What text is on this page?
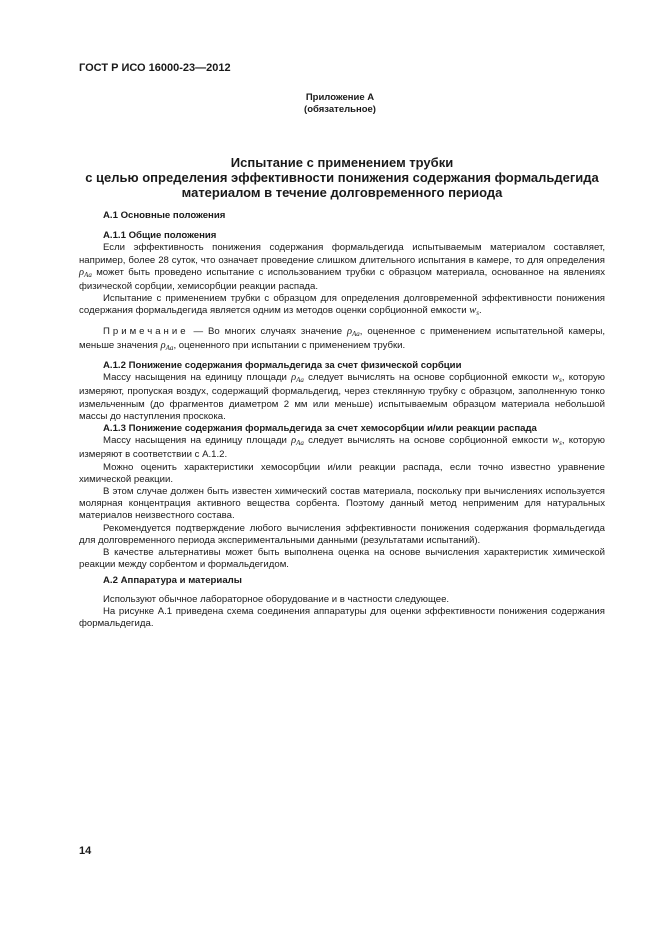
ГОСТ Р ИСО 16000-23—2012
Приложение А
(обязательное)
Испытание с применением трубки
с целью определения эффективности понижения содержания формальдегида
материалом в течение долговременного периода
А.1 Основные положения
А.1.1 Общие положения

Если эффективность понижения содержания формальдегида испытываемым материалом составляет, например, более 28 суток, что означает проведение слишком длительного испытания в камере, то для определения $\rho_{Aa}$ может быть проведено испытание с использованием трубки с образцом материала, основанное на явлениях физической сорбции, хемисорбции реакции распада.

Испытание с применением трубки с образцом для определения долговременной эффективности понижения содержания формальдегида является одним из методов оценки сорбционной емкости $w_s$.

Примечание — Во многих случаях значение $\rho_{Aa}$, оцененное с применением испытательной камеры, меньше значения $\rho_{Aa}$, оцененного при испытании с применением трубки.

А.1.2 Понижение содержания формальдегида за счет физической сорбции

Массу насыщения на единицу площади $\rho_{Aa}$ следует вычислять на основе сорбционной емкости $w_s$, которую измеряют, пропуская воздух, содержащий формальдегид, через стеклянную трубку с образцом, заполненную тонко измельченным (до фрагментов диаметром 2 мм или меньше) испытываемым образцом материала небольшой массы до наступления проскока.

А.1.3 Понижение содержания формальдегида за счет хемосорбции и/или реакции распада

Массу насыщения на единицу площади $\rho_{Aa}$ следует вычислять на основе сорбционной емкости $w_s$, которую измеряют в соответствии с А.1.2.

Можно оценить характеристики хемосорбции и/или реакции распада, если точно известно уравнение химической реакции.

В этом случае должен быть известен химический состав материала, поскольку при вычислениях используется молярная концентрация активного вещества сорбента. Поэтому данный метод неприменим для натуральных материалов неизвестного состава.

Рекомендуется подтверждение любого вычисления эффективности понижения содержания формальдегида для долговременного периода экспериментальными данными (результатами испытаний).

В качестве альтернативы может быть выполнена оценка на основе вычисления характеристик химической реакции между сорбентом и формальдегидом.

А.2 Аппаратура и материалы

Используют обычное лабораторное оборудование и в частности следующее.

На рисунке А.1 приведена схема соединения аппаратуры для оценки эффективности понижения содержания формальдегида.

14
